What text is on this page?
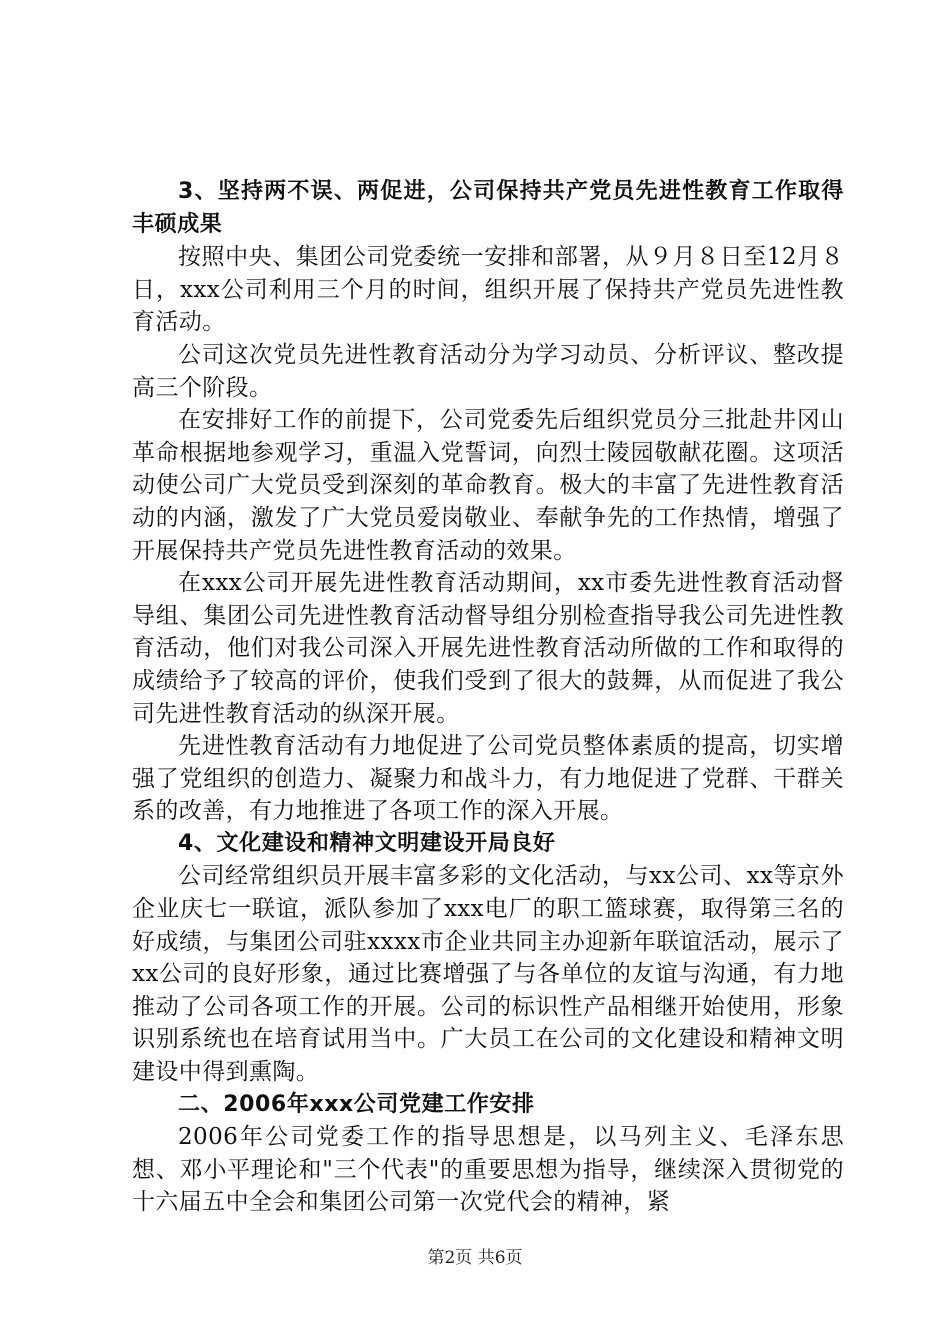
3、坚持两不误、两促进，公司保持共产党员先进性教育工作取得丰硕成果

按照中央、集团公司党委统一安排和部署，从９月８日至12月８日，xxx公司利用三个月的时间，组织开展了保持共产党员先进性教育活动。

公司这次党员先进性教育活动分为学习动员、分析评议、整改提高三个阶段。

在安排好工作的前提下，公司党委先后组织党员分三批赴井冈山革命根据地参观学习，重温入党誓词，向烈士陵园敬献花圈。这项活动使公司广大党员受到深刻的革命教育。极大的丰富了先进性教育活动的内涵，激发了广大党员爱岗敬业、奉献争先的工作热情，增强了开展保持共产党员先进性教育活动的效果。

在xxx公司开展先进性教育活动期间，xx市委先进性教育活动督导组、集团公司先进性教育活动督导组分别检查指导我公司先进性教育活动，他们对我公司深入开展先进性教育活动所做的工作和取得的成绩给予了较高的评价，使我们受到了很大的鼓舞，从而促进了我公司先进性教育活动的纵深开展。

先进性教育活动有力地促进了公司党员整体素质的提高，切实增强了党组织的创造力、凝聚力和战斗力，有力地促进了党群、干群关系的改善，有力地推进了各项工作的深入开展。

4、文化建设和精神文明建设开局良好

公司经常组织员开展丰富多彩的文化活动，与xx公司、xx等京外企业庆七一联谊，派队参加了xxx电厂的职工篮球赛，取得第三名的好成绩，与集团公司驻xxxx市企业共同主办迎新年联谊活动，展示了xx公司的良好形象，通过比赛增强了与各单位的友谊与沟通，有力地推动了公司各项工作的开展。公司的标识性产品相继开始使用，形象识别系统也在培育试用当中。广大员工在公司的文化建设和精神文明建设中得到熏陶。

二、2006年xxx公司党建工作安排

2006年公司党委工作的指导思想是，以马列主义、毛泽东思想、邓小平理论和"三个代表"的重要思想为指导，继续深入贯彻党的十六届五中全会和集团公司第一次党代会的精神，紧

第2页 共6页
